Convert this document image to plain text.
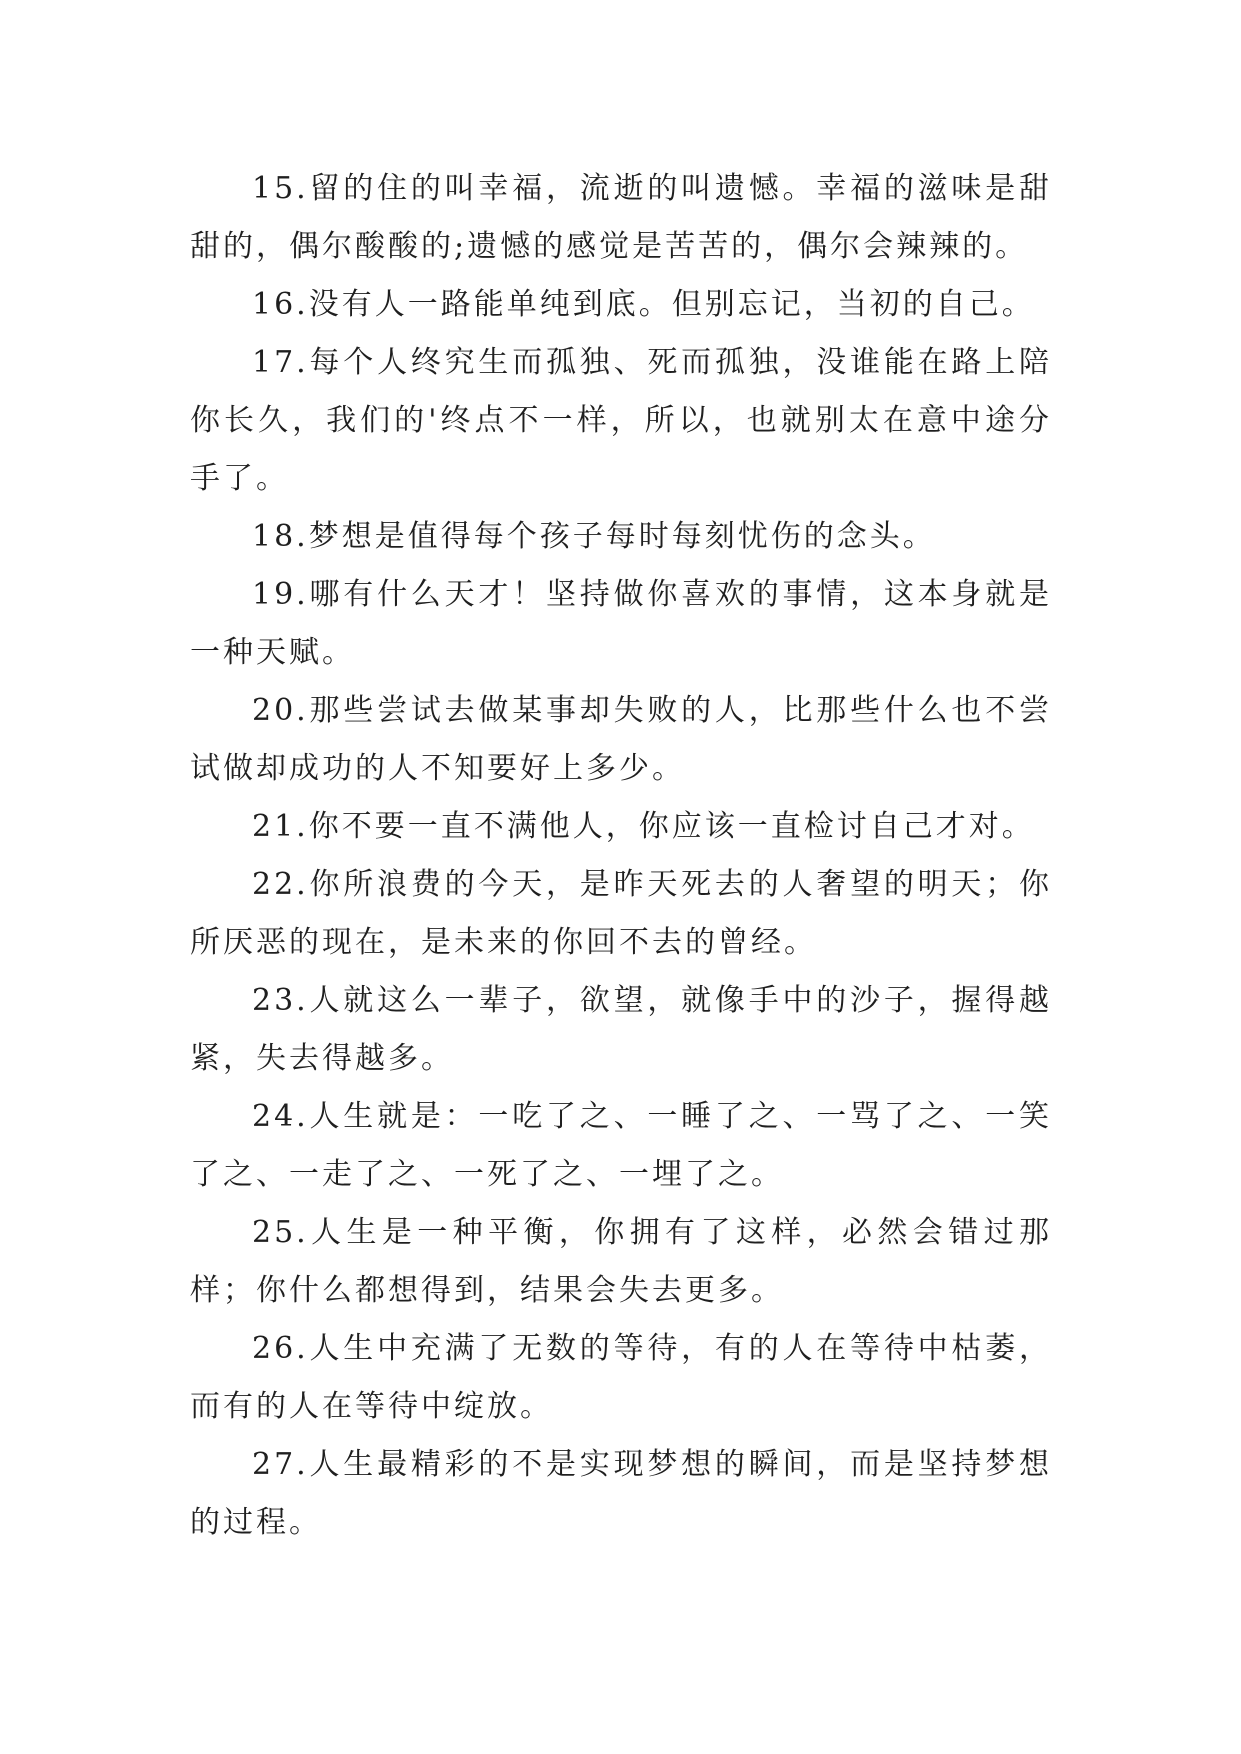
15.留的住的叫幸福，流逝的叫遗憾。幸福的滋味是甜甜的，偶尔酸酸的;遗憾的感觉是苦苦的，偶尔会辣辣的。

16.没有人一路能单纯到底。但别忘记，当初的自己。

17.每个人终究生而孤独、死而孤独，没谁能在路上陪你长久，我们的'终点不一样，所以，也就别太在意中途分手了。

18.梦想是值得每个孩子每时每刻忧伤的念头。

19.哪有什么天才！坚持做你喜欢的事情，这本身就是一种天赋。

20.那些尝试去做某事却失败的人，比那些什么也不尝试做却成功的人不知要好上多少。

21.你不要一直不满他人，你应该一直检讨自己才对。

22.你所浪费的今天，是昨天死去的人奢望的明天；你所厌恶的现在，是未来的你回不去的曾经。

23.人就这么一辈子，欲望，就像手中的沙子，握得越紧，失去得越多。

24.人生就是：一吃了之、一睡了之、一骂了之、一笑了之、一走了之、一死了之、一埋了之。

25.人生是一种平衡，你拥有了这样，必然会错过那样；你什么都想得到，结果会失去更多。

26.人生中充满了无数的等待，有的人在等待中枯萎，而有的人在等待中绽放。

27.人生最精彩的不是实现梦想的瞬间，而是坚持梦想的过程。
